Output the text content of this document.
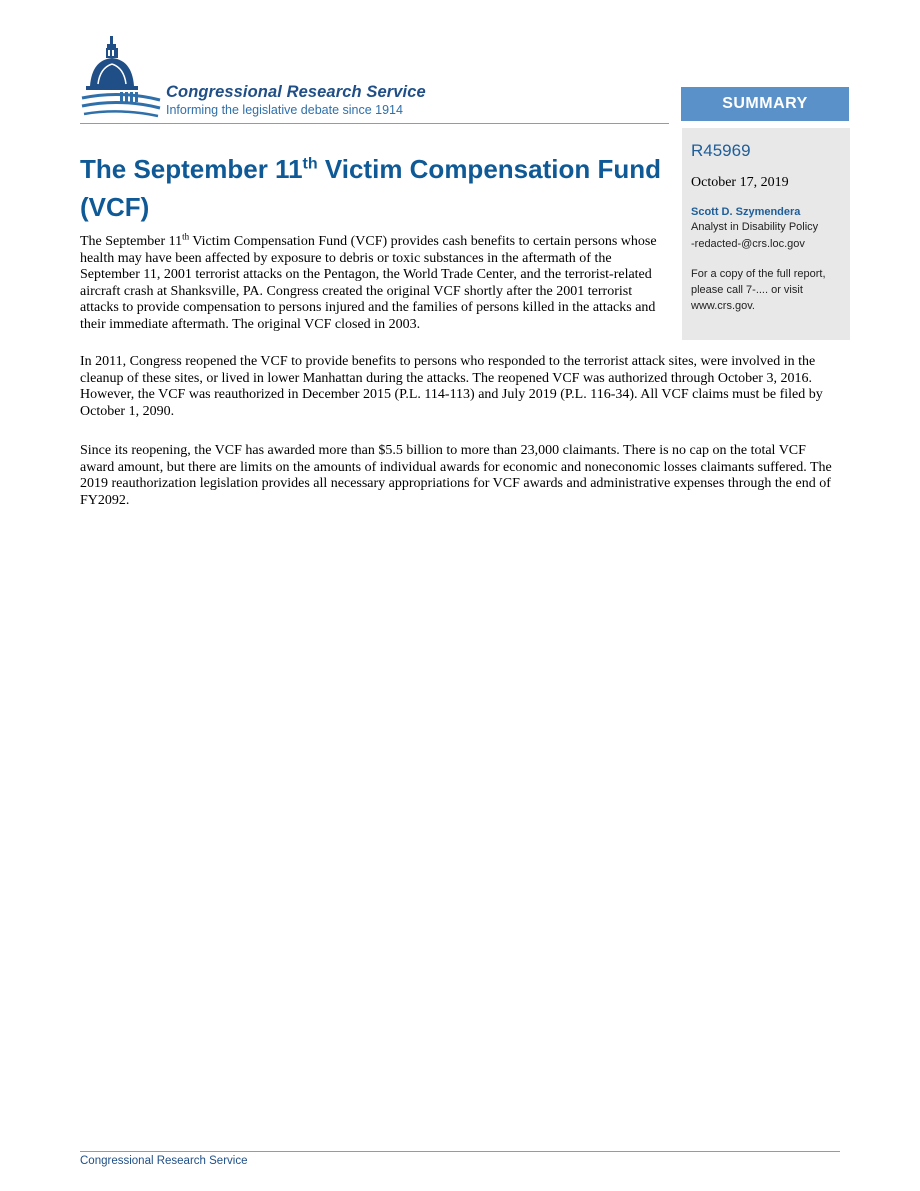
Congressional Research Service
Informing the legislative debate since 1914	SUMMARY

R45969

October 17, 2019

Scott D. Szymendera

Analyst in Disability Policy

-redacted-@crs.loc.gov

For a copy of the full report,
please call 7-.... or visit
www.crs.gov.

The September 11th Victim Compensation Fund (VCF)

The September 11th Victim Compensation Fund (VCF) provides cash benefits to certain persons whose health may have been affected by exposure to debris or toxic substances in the aftermath of the September 11, 2001 terrorist attacks on the Pentagon, the World Trade Center, and the terrorist-related aircraft crash at Shanksville, PA. Congress created the original VCF shortly after the 2001 terrorist attacks to provide compensation to persons injured and the families of persons killed in the attacks and their immediate aftermath. The original VCF closed in 2003.

In 2011, Congress reopened the VCF to provide benefits to persons who responded to the terrorist attack sites, were involved in the cleanup of these sites, or lived in lower Manhattan during the attacks. The reopened VCF was authorized through October 3, 2016. However, the VCF was reauthorized in December 2015 (P.L. 114-113) and July 2019 (P.L. 116-34). All VCF claims must be filed by October 1, 2090.

Since its reopening, the VCF has awarded more than $5.5 billion to more than 23,000 claimants. There is no cap on the total VCF award amount, but there are limits on the amounts of individual awards for economic and noneconomic losses claimants suffered. The 2019 reauthorization legislation provides all necessary appropriations for VCF awards and administrative expenses through the end of FY2092.

Congressional Research Service
